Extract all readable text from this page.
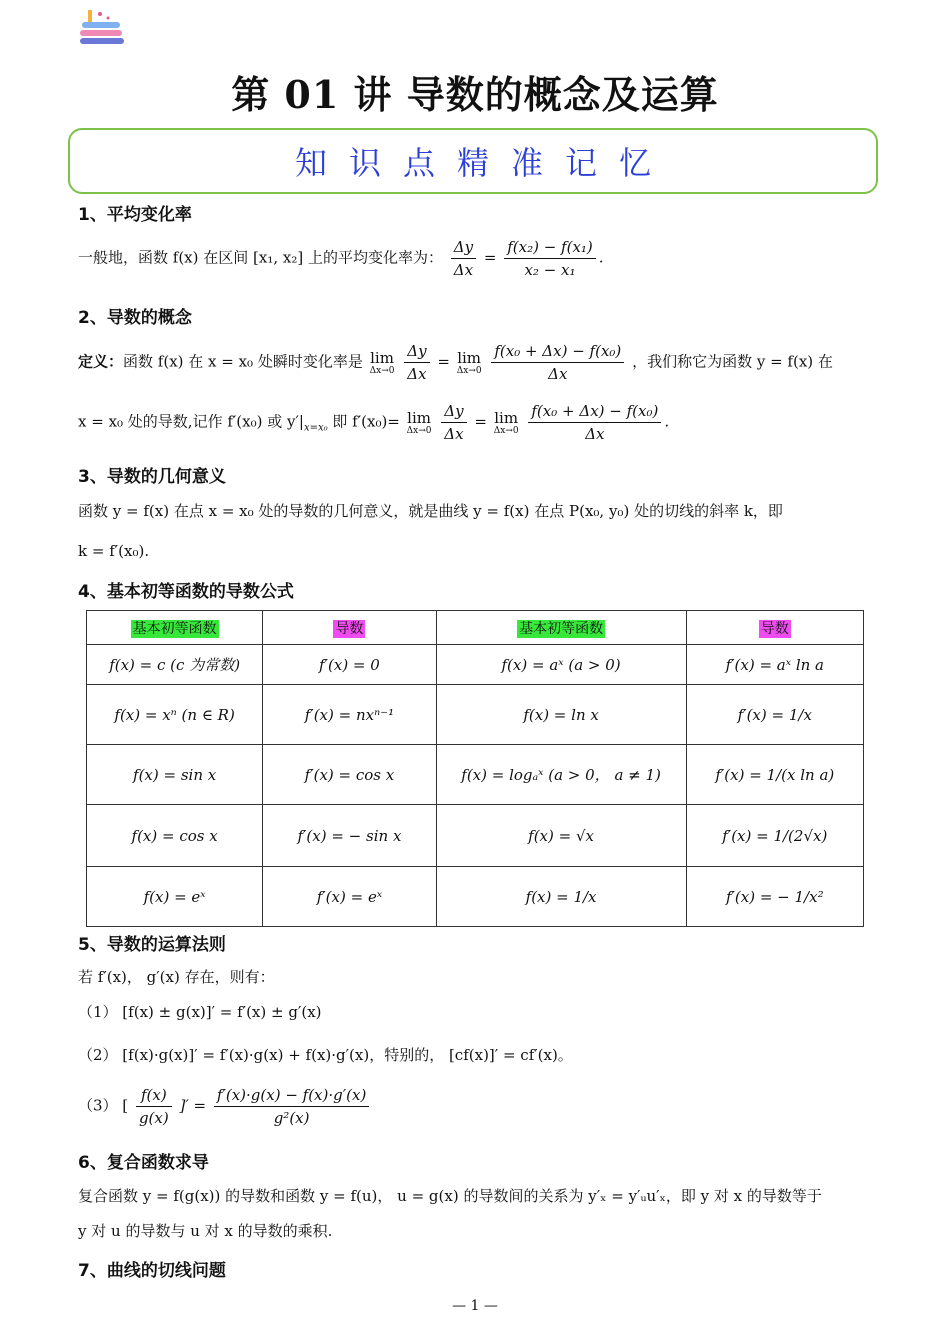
第 01 讲 导数的概念及运算
知识点精准记忆
1、平均变化率
一般地，函数 f(x) 在区间 [x₁, x₂] 上的平均变化率为： $\frac{\Delta y}{\Delta x} = \frac{\text{f(x₂) − f(x₁)}}{\text{x₂ − x₁}}$ .
2、导数的概念
定义：函数 f(x) 在 x = x₀ 处瞬时变化率是 lim
Δx→0
$\frac{\Delta y}{\Delta x} = \lim$
Δx→0
$\frac{\text{f(x₀ + Δx) − f(x₀)}}{\Delta x}$ ，我们称它为函数 y = f(x) 在
x = x₀ 处的导数,记作 f′(x₀) 或 $y'|_{x=x_0}$ 即 f′(x₀)= lim
Δx→0
$\frac{\Delta y}{\Delta x} = \lim$
Δx→0
$\frac{\text{f(x₀ + Δx) − f(x₀)}}{\Delta x}$ .
3、导数的几何意义
函数 y = f(x) 在点 x = x₀ 处的导数的几何意义，就是曲线 y = f(x) 在点 P(x₀, y₀) 处的切线的斜率 k，即
k = f′(x₀).
4、基本初等函数的导数公式
基本初等函数	导数	基本初等函数	导数
f(x) = c (c 为常数)	f′(x) = 0	f(x) = aˣ (a > 0)	f′(x) = aˣ ln a
f(x) = xⁿ (n ∈ R)	f′(x) = nxⁿ⁻¹	f(x) = ln x	f′(x) = 1/x
f(x) = sin x	f′(x) = cos x	f(x) = logₐˣ (a > 0， a ≠ 1)	f′(x) = 1/(x ln a)
f(x) = cos x	f′(x) = − sin x	f(x) = √x	f′(x) = 1/(2√x)
f(x) = eˣ	f′(x) = eˣ	f(x) = 1/x	f′(x) = − 1/x²
5、导数的运算法则
若 f′(x)， g′(x) 存在，则有：
（1） [f(x) ± g(x)]′ = f′(x) ± g′(x)
（2） [f(x)·g(x)]′ = f′(x)·g(x) + f(x)·g′(x)，特别的， [cf(x)]′ = cf′(x)。
（3） [ $\frac{f(x)}{g(x)}$ ]′ = $\frac{f'(x)\cdot g(x) - f(x)\cdot g'(x)}{\text{g²(x)}}$
6、复合函数求导
复合函数 y = f(g(x)) 的导数和函数 y = f(u)， u = g(x) 的导数间的关系为 y′ₓ = y′ᵤu′ₓ，即 y 对 x 的导数等于
y 对 u 的导数与 u 对 x 的导数的乘积.
7、曲线的切线问题
— 1 —
